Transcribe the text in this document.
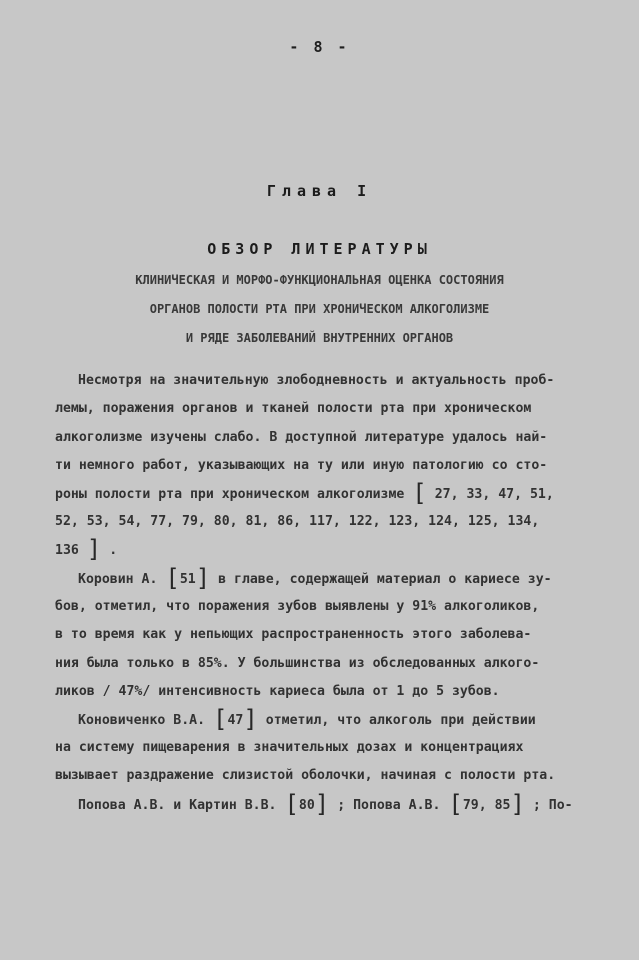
- 8 -
Глава I
ОБЗОР ЛИТЕРАТУРЫ
КЛИНИЧЕСКАЯ И МОРФО-ФУНКЦИОНАЛЬНАЯ ОЦЕНКА СОСТОЯНИЯ
ОРГАНОВ ПОЛОСТИ РТА ПРИ ХРОНИЧЕСКОМ АЛКОГОЛИЗМЕ
И РЯДЕ ЗАБОЛЕВАНИЙ ВНУТРЕННИХ ОРГАНОВ
Несмотря на значительную злободневность и актуальность проб-
лемы, поражения органов и тканей полости рта при хроническом
алкоголизме изучены слабо. В доступной литературе удалось най-
ти немного работ, указывающих на ту или иную патологию со сто-
роны полости рта при хроническом алкоголизме [ 27, 33, 47, 51,
52, 53, 54, 77, 79, 80, 81, 86, 117, 122, 123, 124, 125, 134,
136 ] .
Коровин А. [51] в главе, содержащей материал о кариесе зу-
бов, отметил, что поражения зубов выявлены у 91% алкоголиков,
в то время как у непьющих распространенность этого заболева-
ния была только в 85%. У большинства из обследованных алкого-
ликов / 47%/ интенсивность кариеса была от 1 до 5 зубов.
Коновиченко В.А. [47] отметил, что алкоголь при действии
на систему пищеварения в значительных дозах и концентрациях
вызывает раздражение слизистой оболочки, начиная с полости рта.
Попова А.В. и Картин В.В. [80] ; Попова А.В. [79, 85] ; По-
